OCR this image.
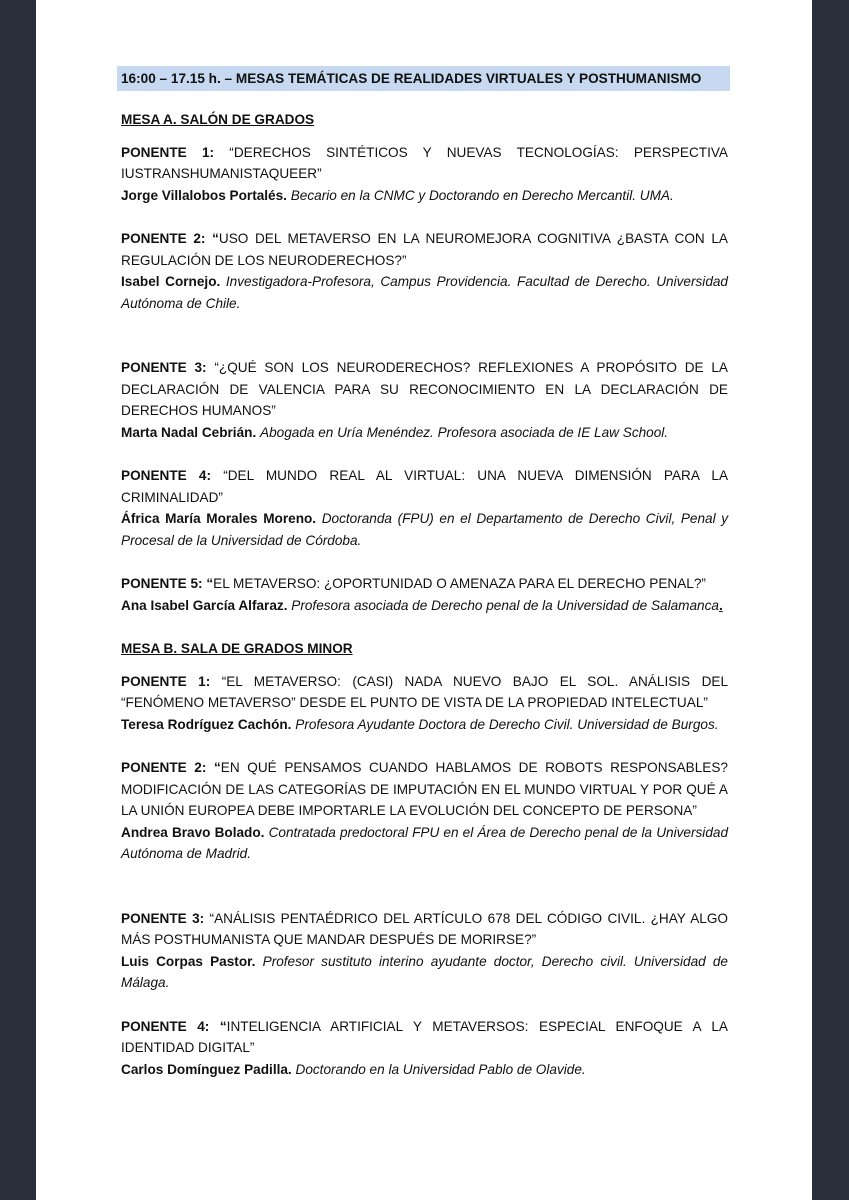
16:00 – 17.15 h. – MESAS TEMÁTICAS DE REALIDADES VIRTUALES Y POSTHUMANISMO
MESA A. SALÓN DE GRADOS
PONENTE 1: “DERECHOS SINTÉTICOS Y NUEVAS TECNOLOGÍAS: PERSPECTIVA IUSTRANSHUMANISTAQUEER”
Jorge Villalobos Portalés. Becario en la CNMC y Doctorando en Derecho Mercantil. UMA.
PONENTE 2: “USO DEL METAVERSO EN LA NEUROMEJORA COGNITIVA ¿BASTA CON LA REGULACIÓN DE LOS NEURODERECHOS?”
Isabel Cornejo. Investigadora-Profesora, Campus Providencia. Facultad de Derecho. Universidad Autónoma de Chile.
PONENTE 3: “¿QUÉ SON LOS NEURODERECHOS? REFLEXIONES A PROPÓSITO DE LA DECLARACIÓN DE VALENCIA PARA SU RECONOCIMIENTO EN LA DECLARACIÓN DE DERECHOS HUMANOS”
Marta Nadal Cebrián. Abogada en Uría Menéndez. Profesora asociada de IE Law School.
PONENTE 4: “DEL MUNDO REAL AL VIRTUAL: UNA NUEVA DIMENSIÓN PARA LA CRIMINALIDAD”
África María Morales Moreno. Doctoranda (FPU) en el Departamento de Derecho Civil, Penal y Procesal de la Universidad de Córdoba.
PONENTE 5: “EL METAVERSO: ¿OPORTUNIDAD O AMENAZA PARA EL DERECHO PENAL?”
Ana Isabel García Alfaraz. Profesora asociada de Derecho penal de la Universidad de Salamanca.
MESA B. SALA DE GRADOS MINOR
PONENTE 1: “EL METAVERSO: (CASI) NADA NUEVO BAJO EL SOL. ANÁLISIS DEL “FENÓMENO METAVERSO” DESDE EL PUNTO DE VISTA DE LA PROPIEDAD INTELECTUAL”
Teresa Rodríguez Cachón. Profesora Ayudante Doctora de Derecho Civil. Universidad de Burgos.
PONENTE 2: “EN QUÉ PENSAMOS CUANDO HABLAMOS DE ROBOTS RESPONSABLES? MODIFICACIÓN DE LAS CATEGORÍAS DE IMPUTACIÓN EN EL MUNDO VIRTUAL Y POR QUÉ A LA UNIÓN EUROPEA DEBE IMPORTARLE LA EVOLUCIÓN DEL CONCEPTO DE PERSONA”
Andrea Bravo Bolado. Contratada predoctoral FPU en el Área de Derecho penal de la Universidad Autónoma de Madrid.
PONENTE 3: “ANÁLISIS PENTAÉDRICO DEL ARTÍCULO 678 DEL CÓDIGO CIVIL. ¿HAY ALGO MÁS POSTHUMANISTA QUE MANDAR DESPUÉS DE MORIRSE?”
Luis Corpas Pastor. Profesor sustituto interino ayudante doctor, Derecho civil. Universidad de Málaga.
PONENTE 4: “INTELIGENCIA ARTIFICIAL Y METAVERSOS: ESPECIAL ENFOQUE A LA IDENTIDAD DIGITAL”
Carlos Domínguez Padilla. Doctorando en la Universidad Pablo de Olavide.
